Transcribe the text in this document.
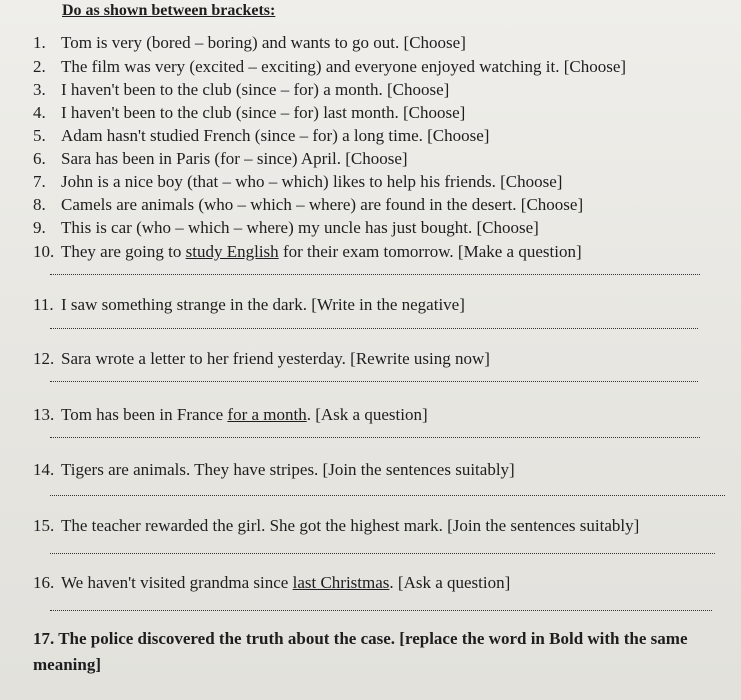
Do as shown between brackets:
1. Tom is very (bored – boring) and wants to go out. [Choose]
2. The film was very (excited – exciting) and everyone enjoyed watching it. [Choose]
3. I haven't been to the club (since – for) a month. [Choose]
4. I haven't been to the club (since – for) last month. [Choose]
5. Adam hasn't studied French (since – for) a long time. [Choose]
6. Sara has been in Paris (for – since) April. [Choose]
7. John is a nice boy (that – who – which) likes to help his friends. [Choose]
8. Camels are animals (who – which – where) are found in the desert. [Choose]
9. This is car (who – which – where) my uncle has just bought. [Choose]
10. They are going to study English for their exam tomorrow. [Make a question]
11. I saw something strange in the dark. [Write in the negative]
12. Sara wrote a letter to her friend yesterday. [Rewrite using now]
13. Tom has been in France for a month. [Ask a question]
14. Tigers are animals. They have stripes. [Join the sentences suitably]
15. The teacher rewarded the girl. She got the highest mark. [Join the sentences suitably]
16. We haven't visited grandma since last Christmas. [Ask a question]
17. The police discovered the truth about the case. [replace the word in Bold with the same meaning]
